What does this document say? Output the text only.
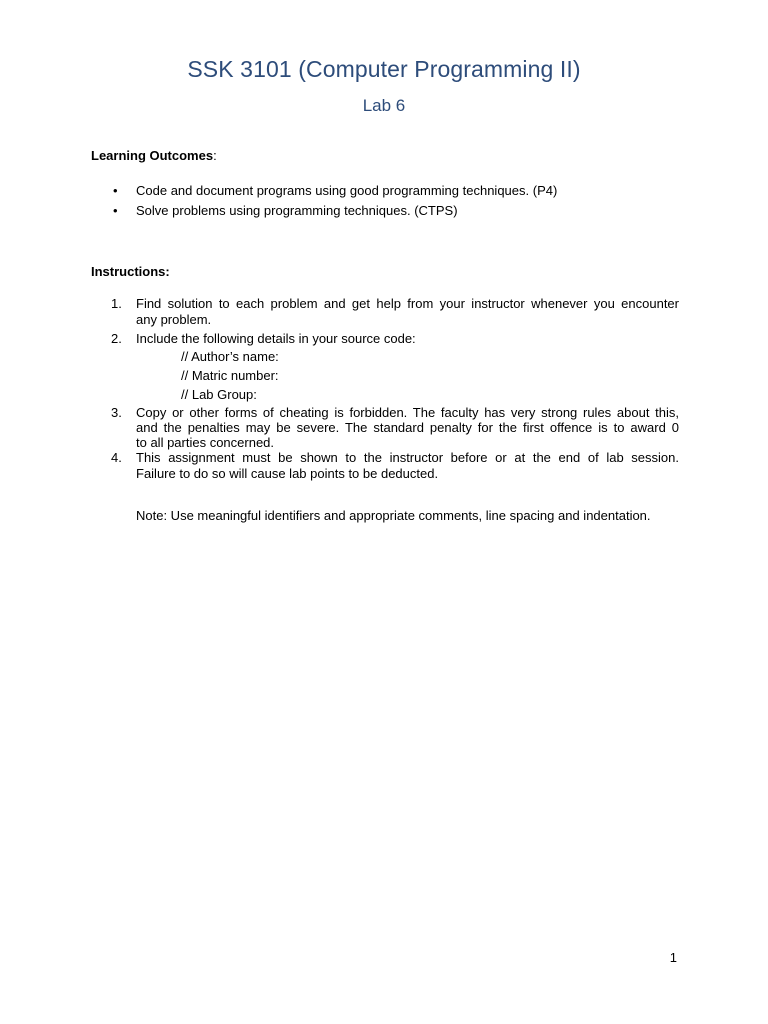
SSK 3101 (Computer Programming II)
Lab 6
Learning Outcomes:
• Code and document programs using good programming techniques. (P4)
• Solve problems using programming techniques. (CTPS)
Instructions:
1. Find solution to each problem and get help from your instructor whenever you encounter
any problem.
2. Include the following details in your source code:
// Author’s name:
// Matric number:
// Lab Group:
3. Copy or other forms of cheating is forbidden. The faculty has very strong rules about this,
and the penalties may be severe. The standard penalty for the first offence is to award 0
to all parties concerned.
4. This assignment must be shown to the instructor before or at the end of lab session.
Failure to do so will cause lab points to be deducted.
Note: Use meaningful identifiers and appropriate comments, line spacing and indentation.
1
